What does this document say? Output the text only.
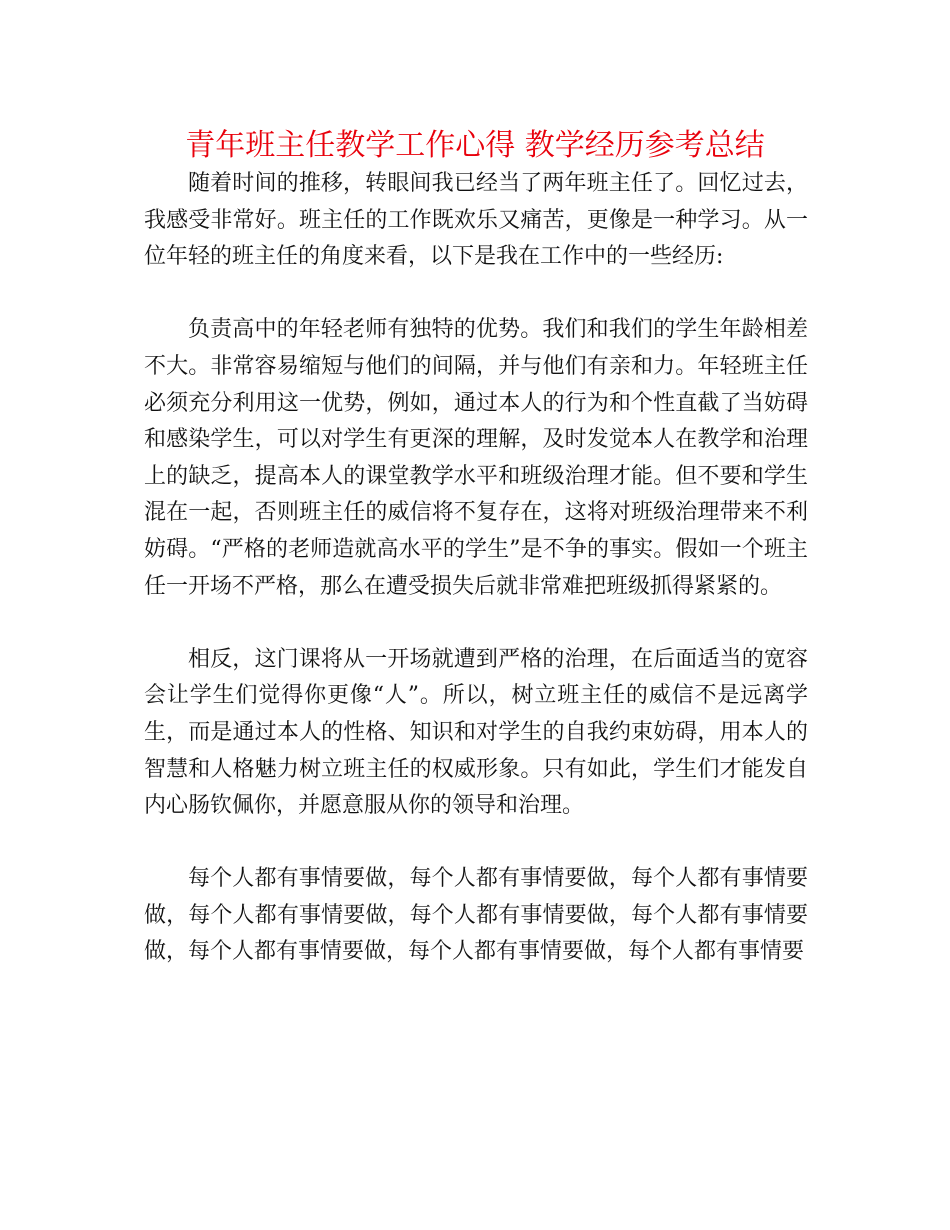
青年班主任教学工作心得 教学经历参考总结

随着时间的推移，转眼间我已经当了两年班主任了。回忆过去，我感受非常好。班主任的工作既欢乐又痛苦，更像是一种学习。从一位年轻的班主任的角度来看，以下是我在工作中的一些经历:

负责高中的年轻老师有独特的优势。我们和我们的学生年龄相差不大。非常容易缩短与他们的间隔，并与他们有亲和力。年轻班主任必须充分利用这一优势，例如，通过本人的行为和个性直截了当妨碍和感染学生，可以对学生有更深的理解，及时发觉本人在教学和治理上的缺乏，提高本人的课堂教学水平和班级治理才能。但不要和学生混在一起，否则班主任的威信将不复存在，这将对班级治理带来不利妨碍。“严格的老师造就高水平的学生”是不争的事实。假如一个班主任一开场不严格，那么在遭受损失后就非常难把班级抓得紧紧的。

相反，这门课将从一开场就遭到严格的治理，在后面适当的宽容会让学生们觉得你更像“人”。所以，树立班主任的威信不是远离学生，而是通过本人的性格、知识和对学生的自我约束妨碍，用本人的智慧和人格魅力树立班主任的权威形象。只有如此，学生们才能发自内心肠钦佩你，并愿意服从你的领导和治理。

每个人都有事情要做，每个人都有事情要做，每个人都有事情要做，每个人都有事情要做，每个人都有事情要做，每个人都有事情要做，每个人都有事情要做，每个人都有事情要做，每个人都有事情要
